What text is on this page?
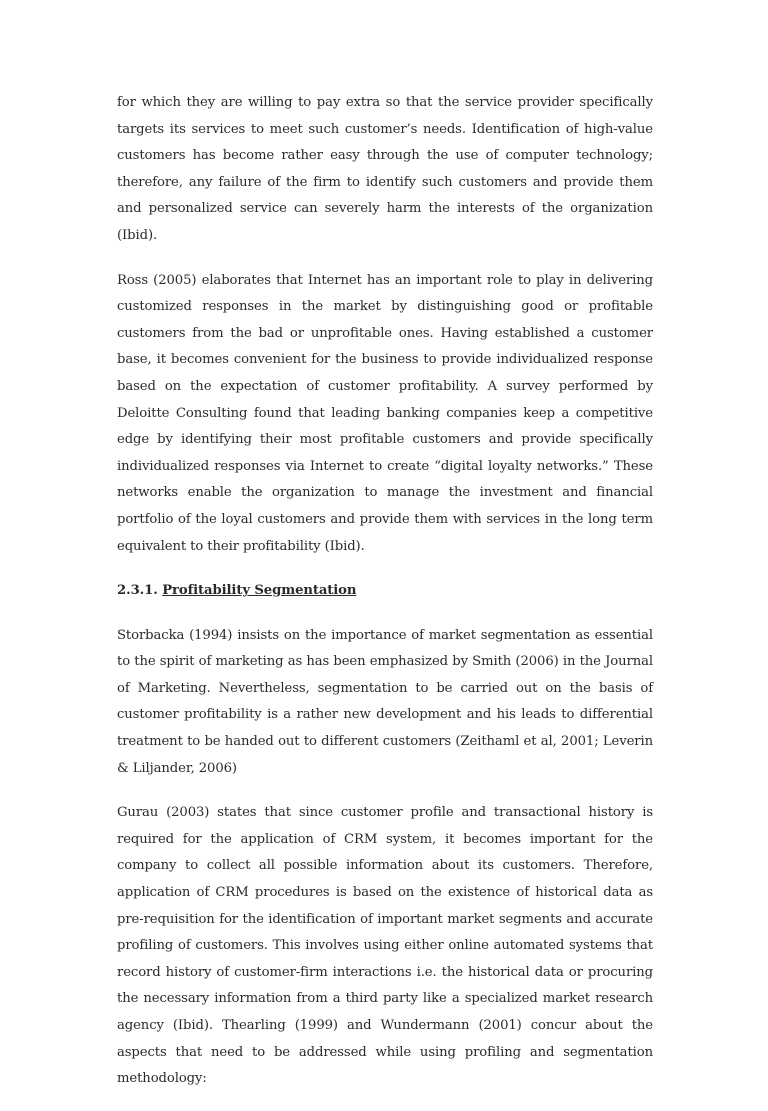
for which they are willing to pay extra so that the service provider specifically targets its services to meet such customer’s needs. Identification of high-value customers has become rather easy through the use of computer technology; therefore, any failure of the firm to identify such customers and provide them and personalized service can severely harm the interests of the organization (Ibid).

Ross (2005) elaborates that Internet has an important role to play in delivering customized responses in the market by distinguishing good or profitable customers from the bad or unprofitable ones. Having established a customer base, it becomes convenient for the business to provide individualized response based on the expectation of customer profitability. A survey performed by Deloitte Consulting found that leading banking companies keep a competitive edge by identifying their most profitable customers and provide specifically individualized responses via Internet to create “digital loyalty networks.” These networks enable the organization to manage the investment and financial portfolio of the loyal customers and provide them with services in the long term equivalent to their profitability (Ibid).

2.3.1. Profitability Segmentation

Storbacka (1994) insists on the importance of market segmentation as essential to the spirit of marketing as has been emphasized by Smith (2006) in the Journal of Marketing. Nevertheless, segmentation to be carried out on the basis of customer profitability is a rather new development and his leads to differential treatment to be handed out to different customers (Zeithaml et al, 2001; Leverin & Liljander, 2006)

Gurau (2003) states that since customer profile and transactional history is required for the application of CRM system, it becomes important for the company to collect all possible information about its customers. Therefore, application of CRM procedures is based on the existence of historical data as pre-requisition for the identification of important market segments and accurate profiling of customers. This involves using either online automated systems that record history of customer-firm interactions i.e. the historical data or procuring the necessary information from a third party like a specialized market research agency (Ibid). Thearling (1999) and Wundermann (2001) concur about the aspects that need to be addressed while using profiling and segmentation methodology:
